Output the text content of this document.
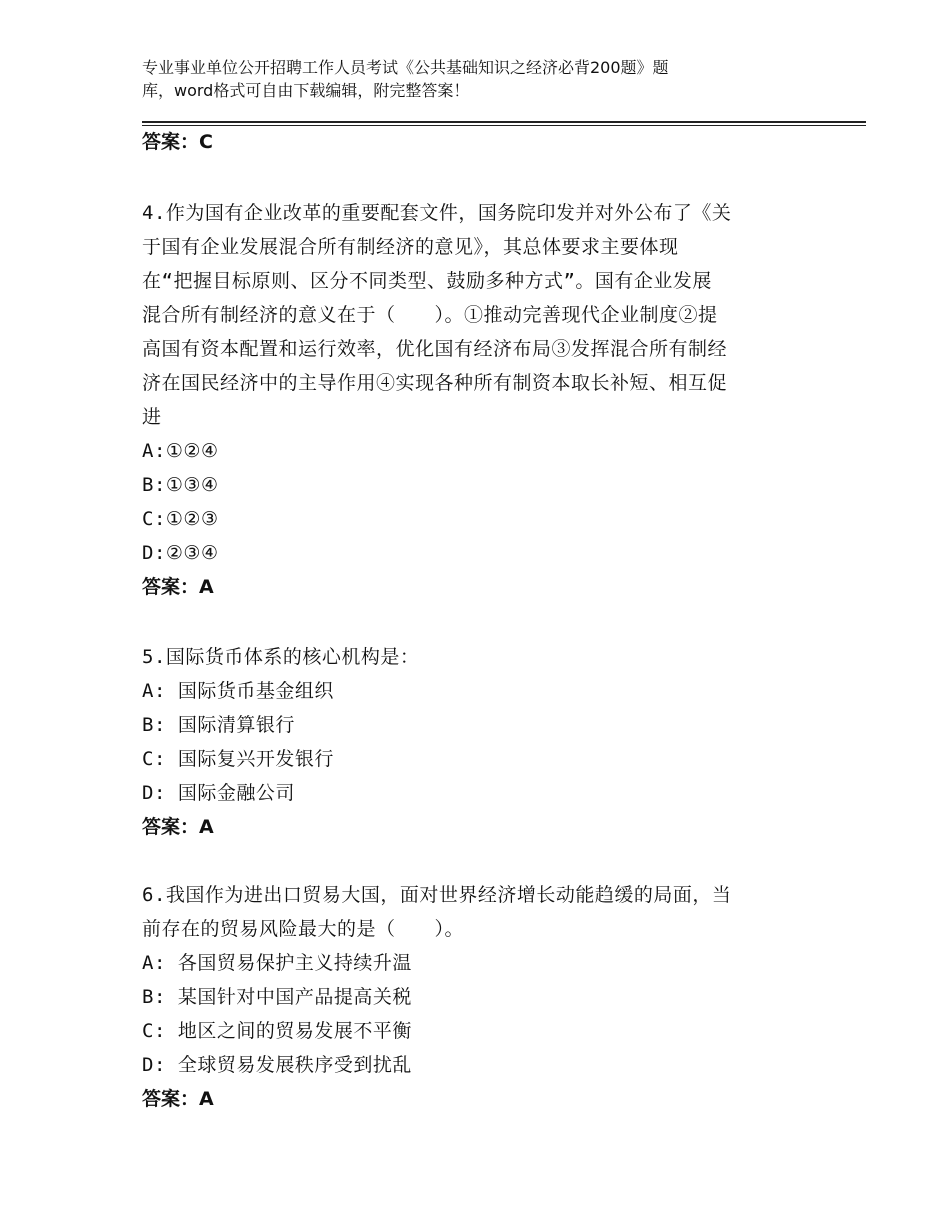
专业事业单位公开招聘工作人员考试《公共基础知识之经济必背200题》题
库，word格式可自由下载编辑，附完整答案！
答案：C
4.作为国有企业改革的重要配套文件，国务院印发并对外公布了《关
于国有企业发展混合所有制经济的意见》，其总体要求主要体现
在“把握目标原则、区分不同类型、鼓励多种方式”。国有企业发展
混合所有制经济的意义在于（　　）。①推动完善现代企业制度②提
高国有资本配置和运行效率，优化国有经济布局③发挥混合所有制经
济在国民经济中的主导作用④实现各种所有制资本取长补短、相互促
进
A:①②④
B:①③④
C:①②③
D:②③④
答案：A
5.国际货币体系的核心机构是：
A: 国际货币基金组织
B: 国际清算银行
C: 国际复兴开发银行
D: 国际金融公司
答案：A
6.我国作为进出口贸易大国，面对世界经济增长动能趋缓的局面，当
前存在的贸易风险最大的是（　　）。
A: 各国贸易保护主义持续升温
B: 某国针对中国产品提高关税
C: 地区之间的贸易发展不平衡
D: 全球贸易发展秩序受到扰乱
答案：A
